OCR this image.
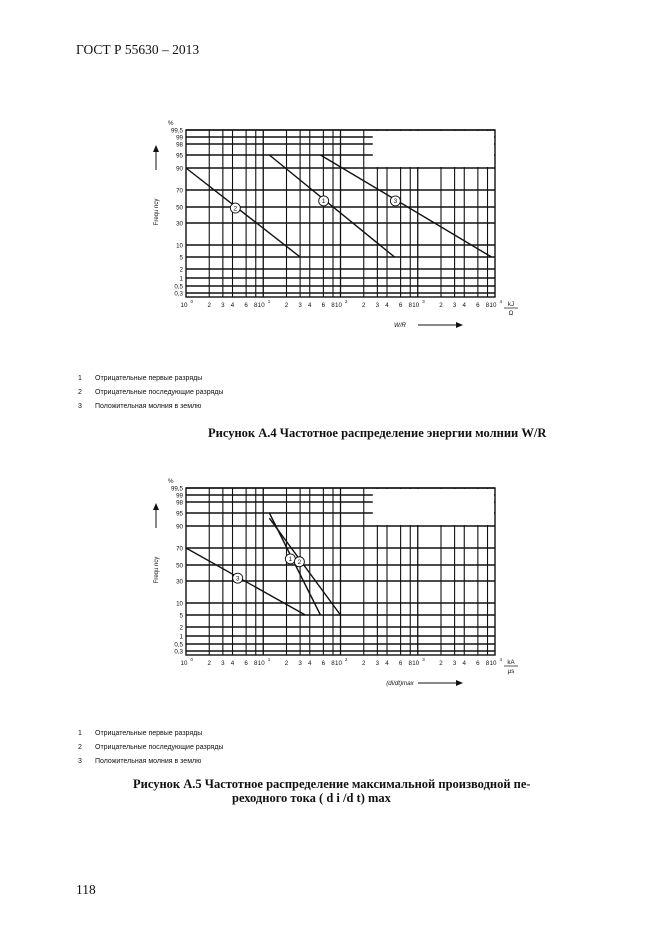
ГОСТ Р 55630 – 2013
99,5
99
98
95
90
70
50
30
10
5
2
1
0,5
0,3
%
Frequ ncy
10
0
2 3 4 6 8 10
1
2 3 4 6 8 10
2
2 3 4 6 8 10
3
2 3 4 6 8 10
4 kJ
Ω
W/R
1
2
3
1 Отрицательные первые разряды
2 Отрицательные последующие разряды
3 Положительная молния в землю
Рисунок А.4 Частотное распределение энергии молнии W/R
99,5
99
98
95
90
70
50
30
10
5
2
1
0,5
0,3
%
Frequ ncy
10
0
2 3 4 6 8 10
1
2 3 4 6 8 10
2
2 3 4 6 8 10
3
2 3 4 6 8 10
4 kA
μs
(di/dt)max
1 2
3
1 Отрицательные первые разряды
2 Отрицательные последующие разряды
3 Положительная молния в землю
Рисунок А.5 Частотное распределение максимальной производной пе-
реходного тока ( d i /d t) max
118
